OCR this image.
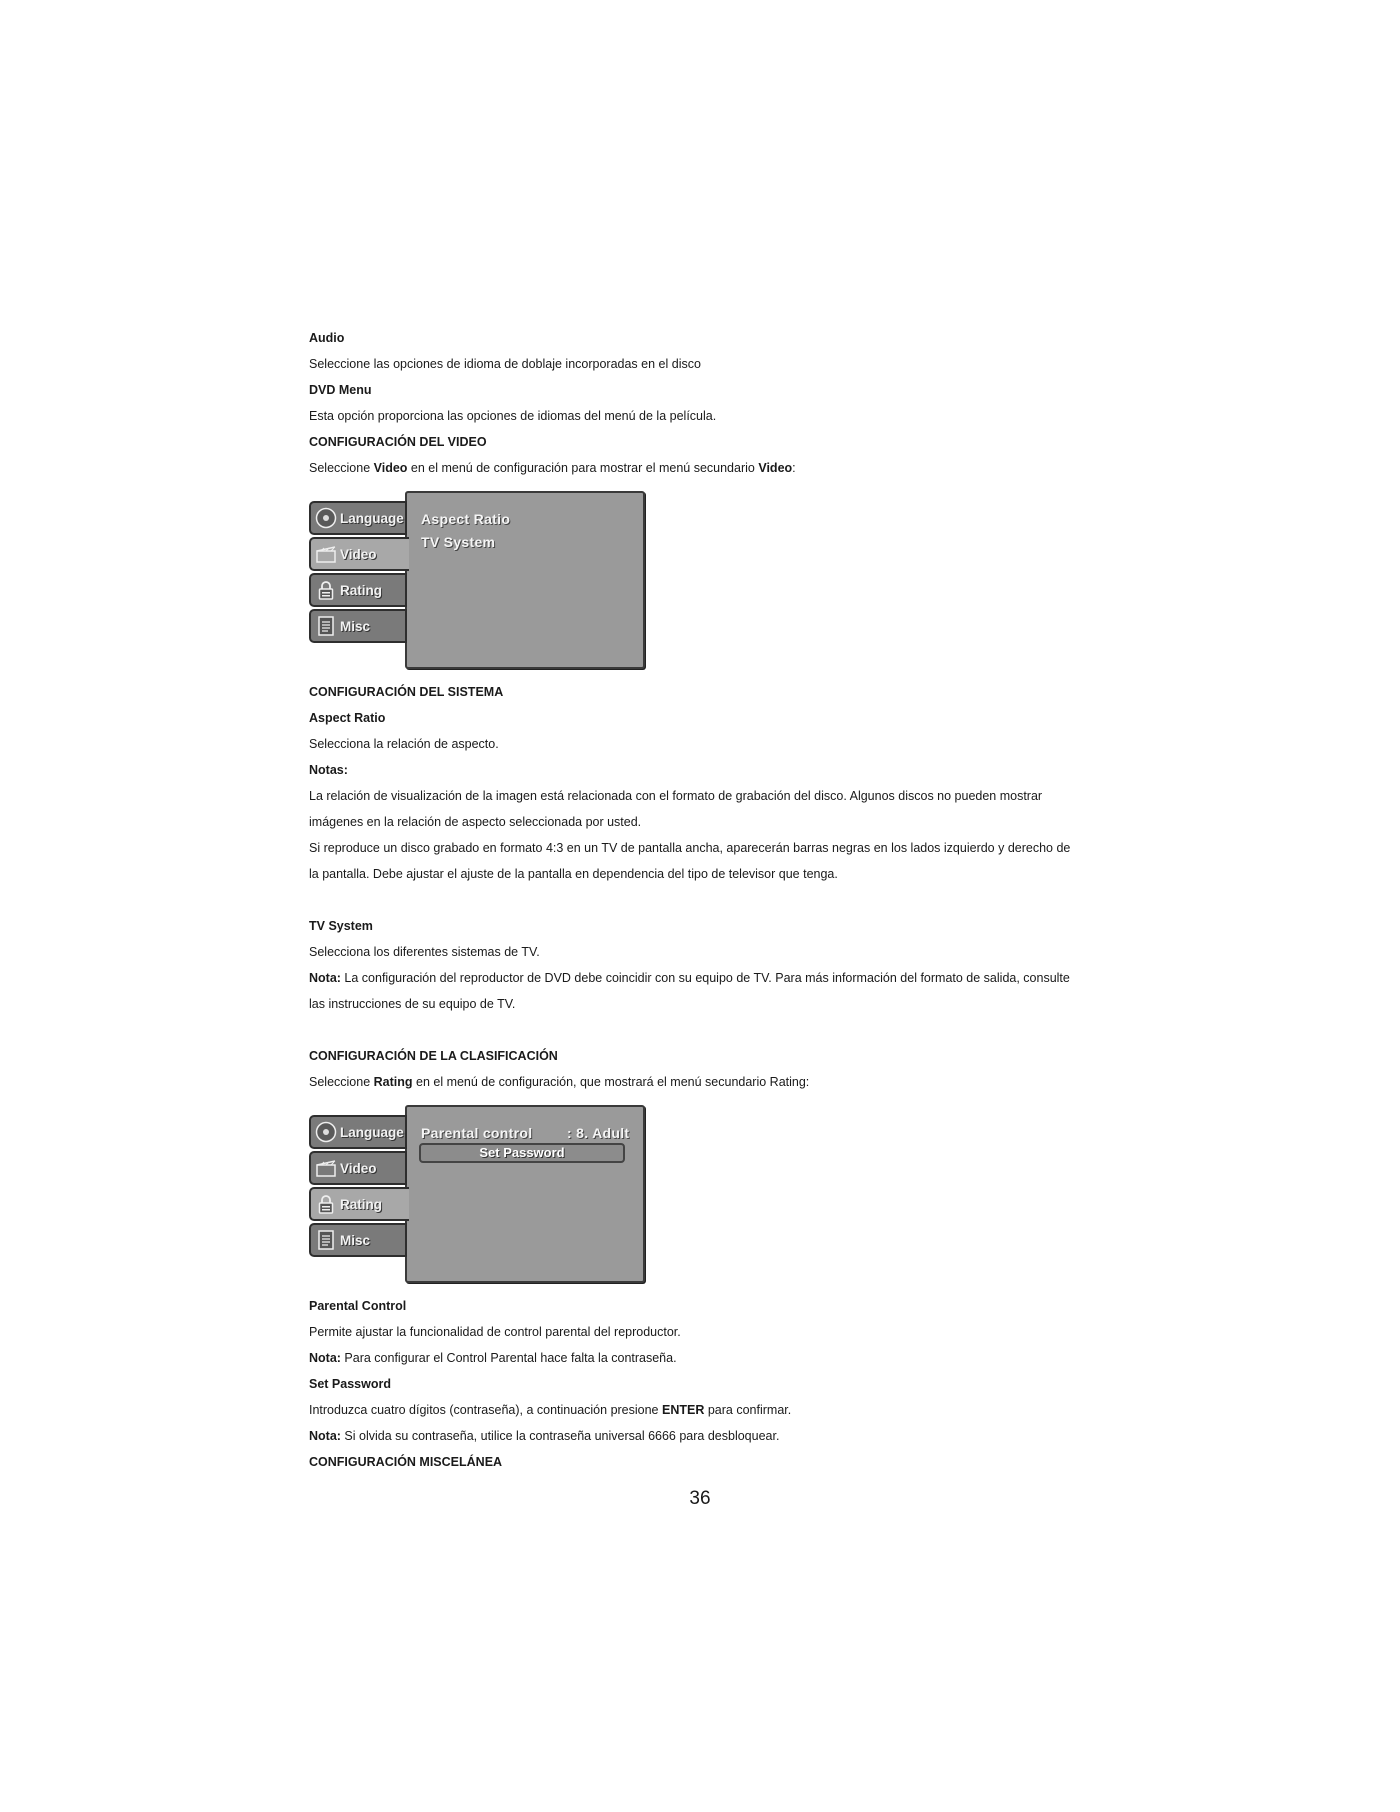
Audio

Seleccione las opciones de idioma de doblaje incorporadas en el disco

DVD Menu

Esta opción proporciona las opciones de idiomas del menú de la película.

CONFIGURACIÓN DEL VIDEO

Seleccione Video en el menú de configuración para mostrar el menú secundario Video:

Aspect Ratio
TV System
Language
Video
Rating
Misc

CONFIGURACIÓN DEL SISTEMA

Aspect Ratio

Selecciona la relación de aspecto.

Notas:

La relación de visualización de la imagen está relacionada con el formato de grabación del disco. Algunos discos no pueden mostrar

imágenes en la relación de aspecto seleccionada por usted.

Si reproduce un disco grabado en formato 4:3 en un TV de pantalla ancha, aparecerán barras negras en los lados izquierdo y derecho de

la pantalla. Debe ajustar el ajuste de la pantalla en dependencia del tipo de televisor que tenga.

TV System

Selecciona los diferentes sistemas de TV.

Nota: La configuración del reproductor de DVD debe coincidir con su equipo de TV. Para más información del formato de salida, consulte

las instrucciones de su equipo de TV.

CONFIGURACIÓN DE LA CLASIFICACIÓN

Seleccione Rating en el menú de configuración, que mostrará el menú secundario Rating:

Parental control : 8. Adult
Set Password
Language
Video
Rating
Misc

Parental Control

Permite ajustar la funcionalidad de control parental del reproductor.

Nota: Para configurar el Control Parental hace falta la contraseña.

Set Password

Introduzca cuatro dígitos (contraseña), a continuación presione ENTER para confirmar.

Nota: Si olvida su contraseña, utilice la contraseña universal 6666 para desbloquear.

CONFIGURACIÓN MISCELÁNEA

36
